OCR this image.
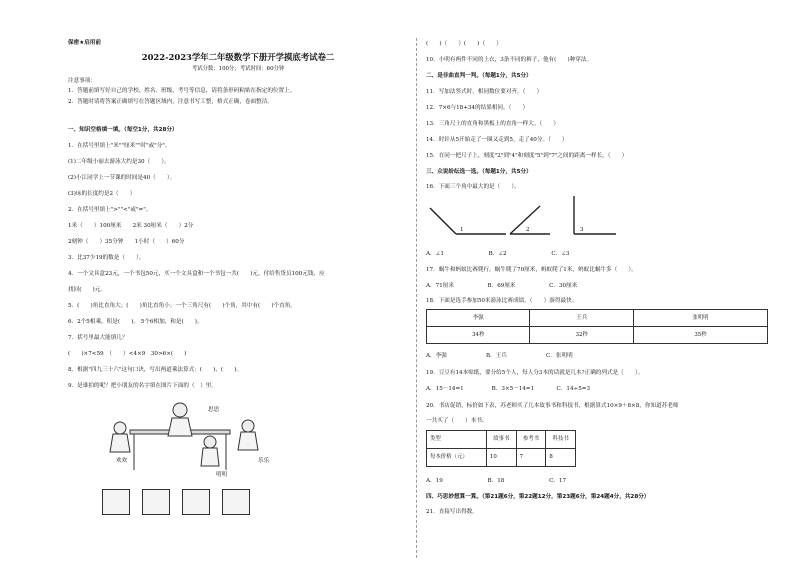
保密★启用前
2022-2023学年二年级数学下册开学摸底考试卷二
考试分数：100分；考试时间：60分钟
注意事项：
1．答题前填写好自己的学校、姓名、班级、考号等信息，请将条形码粘贴在指定的位置上。
2．答题时请将答案正确填写在答题区域内，注意书写工整，格式正确，卷面整洁。
一、知识空格填一填。（每空1分，共28分）
1．在括号里填上"米""厘米""时"或"分"。
(1)二年级小丽去游泳大约是30（　　）。
(2)小江同学上一节课的时间是40（　　）。
(3)床的长度约是2（　　）
2．在括号里填上">""<"或"="。
1米（　　）100厘米　　2米 30厘米（　　）2分
2刻钟（　　）35分钟　　1小时（　　）60分
3．比37少19的数是（　　）。
4．一个文具盒23元，一个书包50元，买一个文具盒和一个书包一共(　　)元，付给售货员100元钱，应
找回(　　)元。
5．(　　)角比直角大；(　　)角比直角小；一个三角尺有(　　)个角，其中有(　　)个直角。
6．2个5相乘，积是(　　)。 5个6相加，和是(　　)。
7．括号里最大能填几？
(　　)×7<59　（　　）<4×9　30>6×(　　)
8．根据"四九三十六"这句口诀，写出两道乘法算式：(　　)、(　　)。
9．是谁拍的呢？把小朋友的名字填在图片下面的（　）里。
思思
欢欢	乐乐
明明
(　　)（　　）(　　)（　　）
10．小明有两件不同的上衣，3条不同的裤子，他有(　　)种穿法。
二、是非曲直判一判。（每题1分，共5分）
11．写加法竖式时，相同数位要对齐。（　　）
12．7×6与18+34的结果相同。（　　）
13．三角尺上的直角和黑板上的直角一样大。（　　）
14．时针从5开始走了一圈又走到5，走了40分。（　　）
15．在同一把尺子上，刻度"2"到"4"和刻度"5"到"7"之间的距离一样长。（　　）
三、众说纷纭选一选。（每题1分，共5分）
16．下面三个角中最大的是（　　）。
1	2	3
A．∠1　　　　　　　　B．∠2　　　　　　　　C．∠3
17．蜗牛和蚂蚁比赛爬行，蜗牛爬了70厘米，蚂蚁爬了1米，蚂蚁比蜗牛多（　　）。
A．71厘米　　　　　　B．69厘米　　　　　　C．30厘米
18．下面是选手参加50米游泳比赛成绩，（　　）游得最快。
李强	王兵	张明明
34秒	32秒	35秒
A．李强　　　　　　　B．王兵　　　　　　　C．张明明
19．豆豆有14本贴纸，要分给5个人，每人分3本的话就是几本?正确的列式是（　　）。
A．15－14=1　　　　　B．3×5－14=1　　　　C．14÷5=3
20．书店促销，标价如下表，苏老师买了几本故事书和科技书，根据算式10×9＋8×8，你知道苏老师
一共买了（　　）本书。
类型	故事书	参考书	科技书
每本价格（元）	10	7	8
A．19　　　　　　　　B．18　　　　　　　　C．17
四、巧思妙想算一算。（第21题6分，第22题12分，第23题6分，第24题4分，共28分）
21．直接写出得数。
